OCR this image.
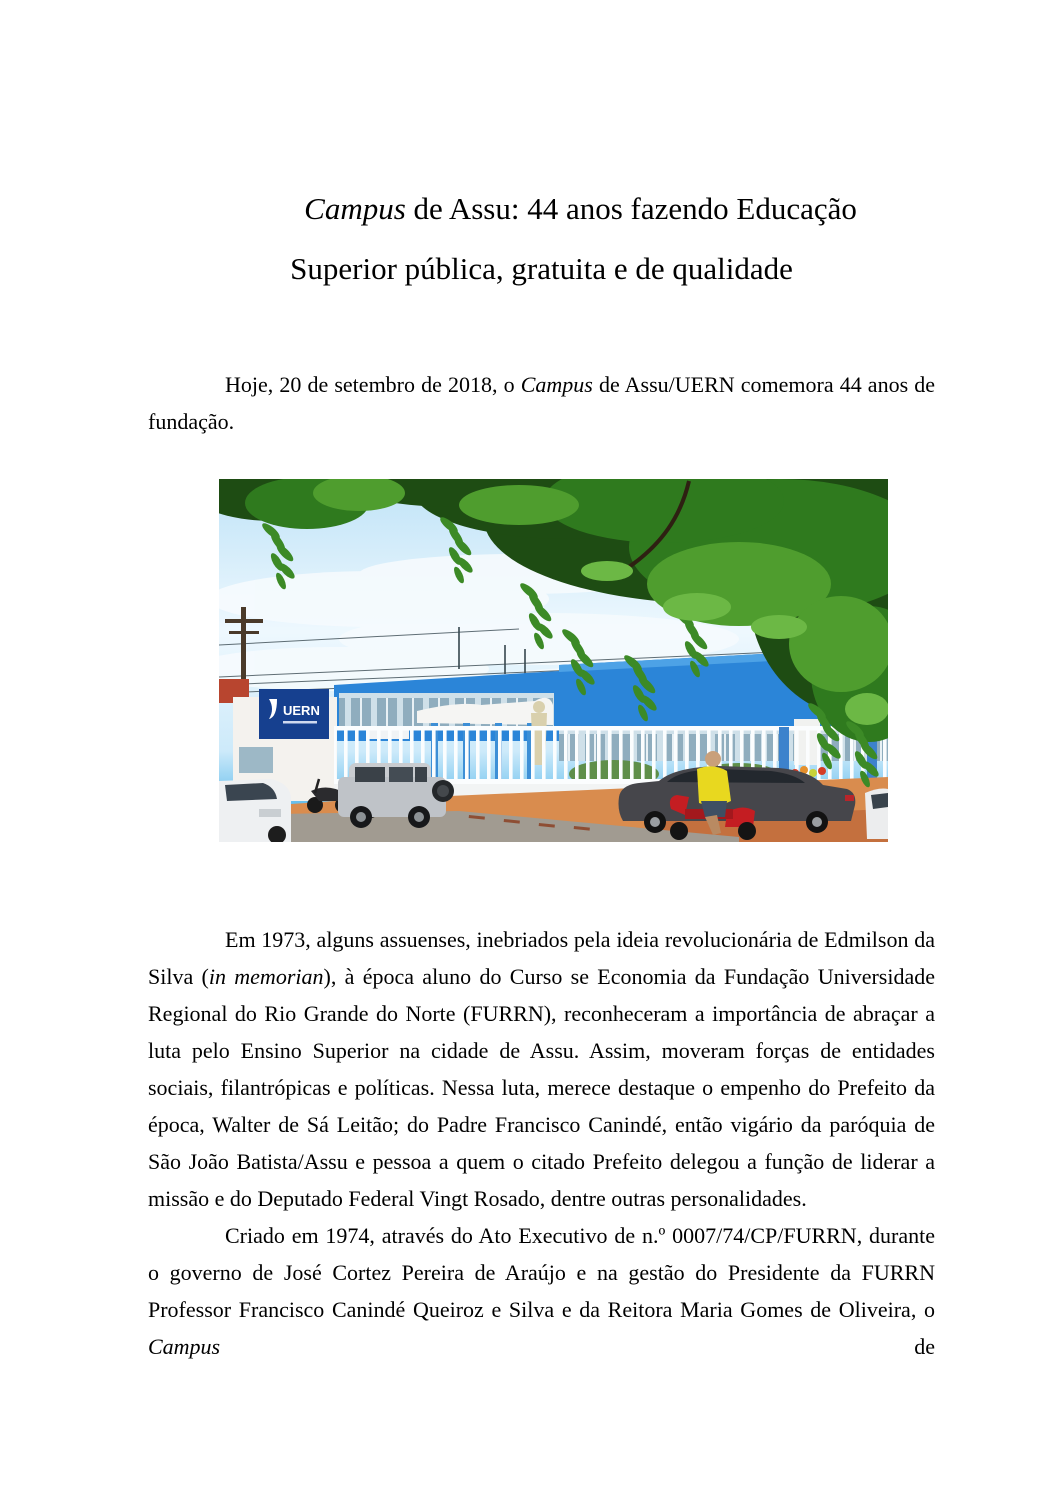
Campus de Assu: 44 anos fazendo Educação
Superior pública, gratuita e de qualidade

Hoje, 20 de setembro de 2018, o Campus de Assu/UERN comemora 44 anos de fundação.

UERN

Em 1973, alguns assuenses, inebriados pela ideia revolucionária de Edmilson da Silva (in memorian), à época aluno do Curso se Economia da Fundação Universidade Regional do Rio Grande do Norte (FURRN), reconheceram a importância de abraçar a luta pelo Ensino Superior na cidade de Assu. Assim, moveram forças de entidades sociais, filantrópicas e políticas. Nessa luta, merece destaque o empenho do Prefeito da época, Walter de Sá Leitão; do Padre Francisco Canindé, então vigário da paróquia de São João Batista/Assu e pessoa a quem o citado Prefeito delegou a função de liderar a missão e do Deputado Federal Vingt Rosado, dentre outras personalidades.

Criado em 1974, através do Ato Executivo de n.º 0007/74/CP/FURRN, durante o governo de José Cortez Pereira de Araújo e na gestão do Presidente da FURRN Professor Francisco Canindé Queiroz e Silva e da Reitora Maria Gomes de Oliveira, o Campus de
